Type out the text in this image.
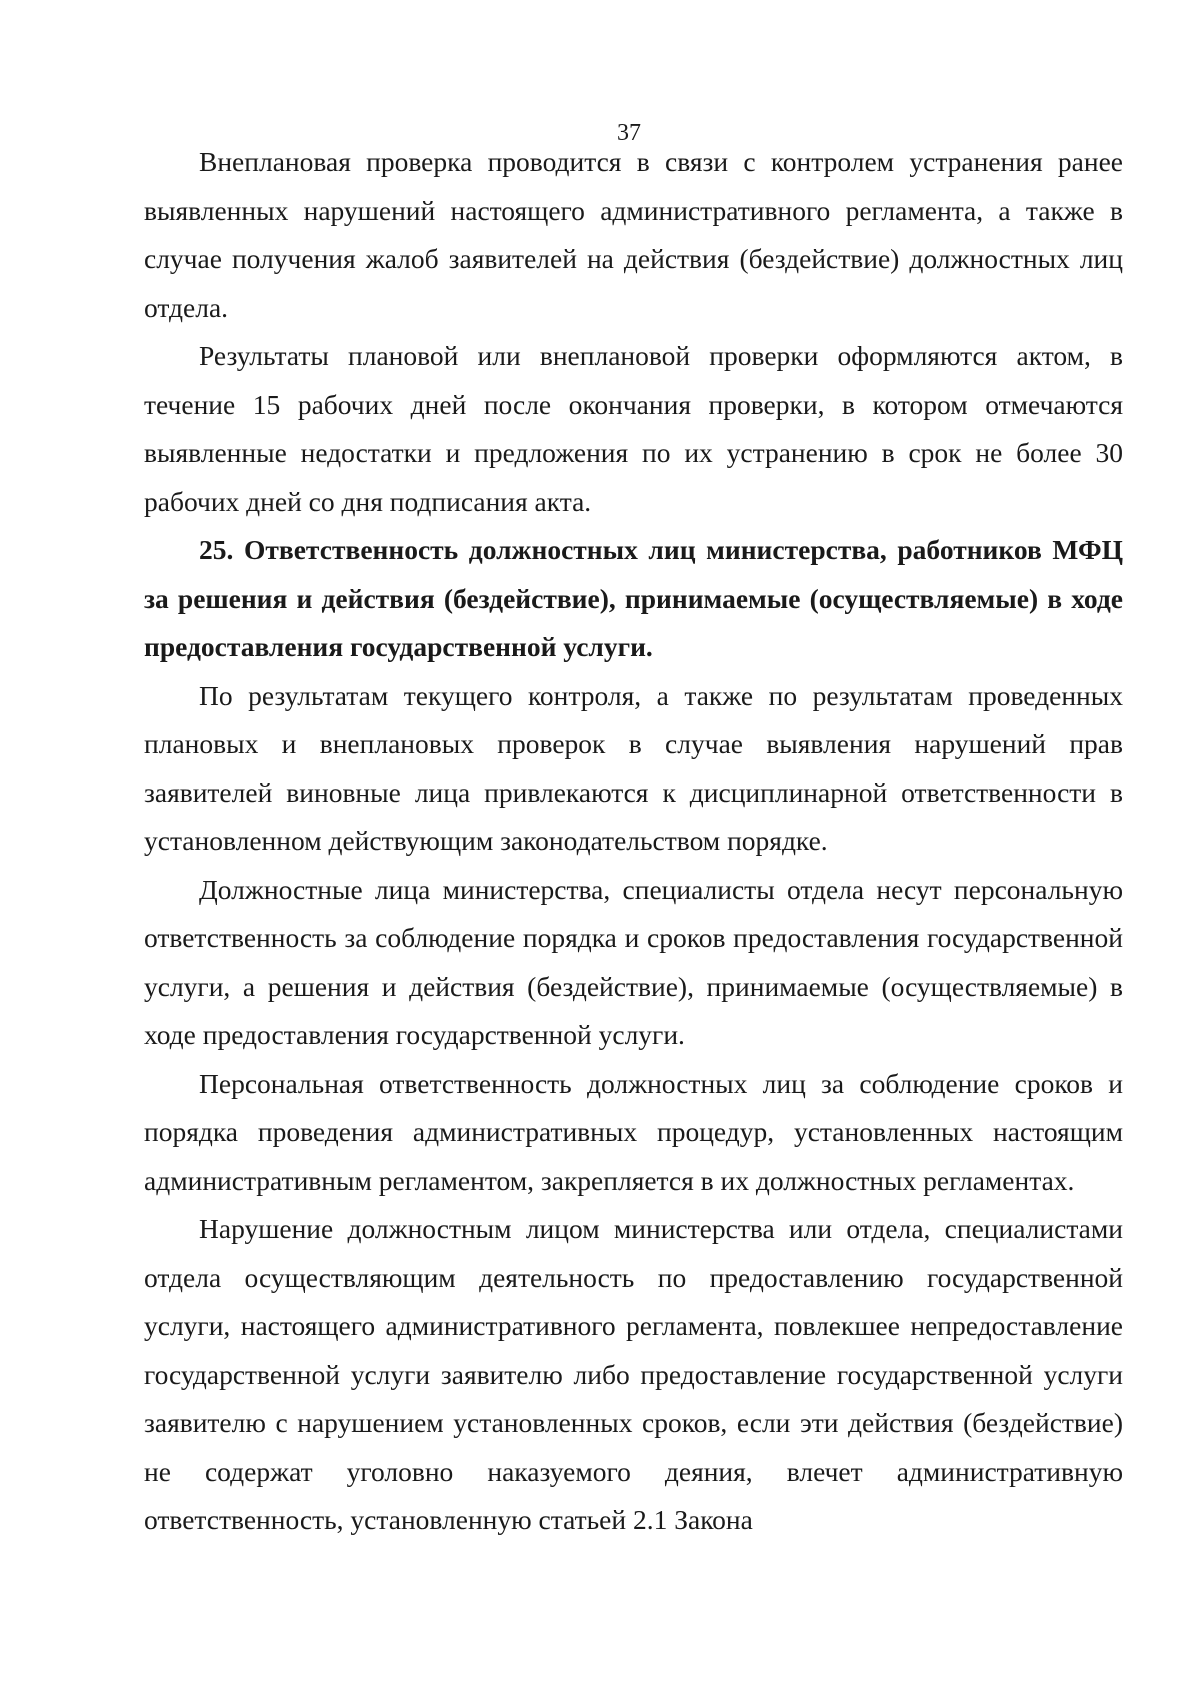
37

Внеплановая проверка проводится в связи с контролем устранения ранее выявленных нарушений настоящего административного регламента, а также в случае получения жалоб заявителей на действия (бездействие) должностных лиц отдела.

Результаты плановой или внеплановой проверки оформляются актом, в течение 15 рабочих дней после окончания проверки, в котором отмечаются выявленные недостатки и предложения по их устранению в срок не более 30 рабочих дней со дня подписания акта.

25. Ответственность должностных лиц министерства, работников МФЦ за решения и действия (бездействие), принимаемые (осуществляемые) в ходе предоставления государственной услуги.

По результатам текущего контроля, а также по результатам проведенных плановых и внеплановых проверок в случае выявления нарушений прав заявителей виновные лица привлекаются к дисциплинарной ответственности в установленном действующим законодательством порядке.

Должностные лица министерства, специалисты отдела несут персональную ответственность за соблюдение порядка и сроков предоставления государственной услуги, а решения и действия (бездействие), принимаемые (осуществляемые) в ходе предоставления государственной услуги.

Персональная ответственность должностных лиц за соблюдение сроков и порядка проведения административных процедур, установленных настоящим административным регламентом, закрепляется в их должностных регламентах.

Нарушение должностным лицом министерства или отдела, специалистами отдела осуществляющим деятельность по предоставлению государственной услуги, настоящего административного регламента, повлекшее непредоставление государственной услуги заявителю либо предоставление государственной услуги заявителю с нарушением установленных сроков, если эти действия (бездействие) не содержат уголовно наказуемого деяния, влечет административную ответственность, установленную статьей 2.1 Закона
